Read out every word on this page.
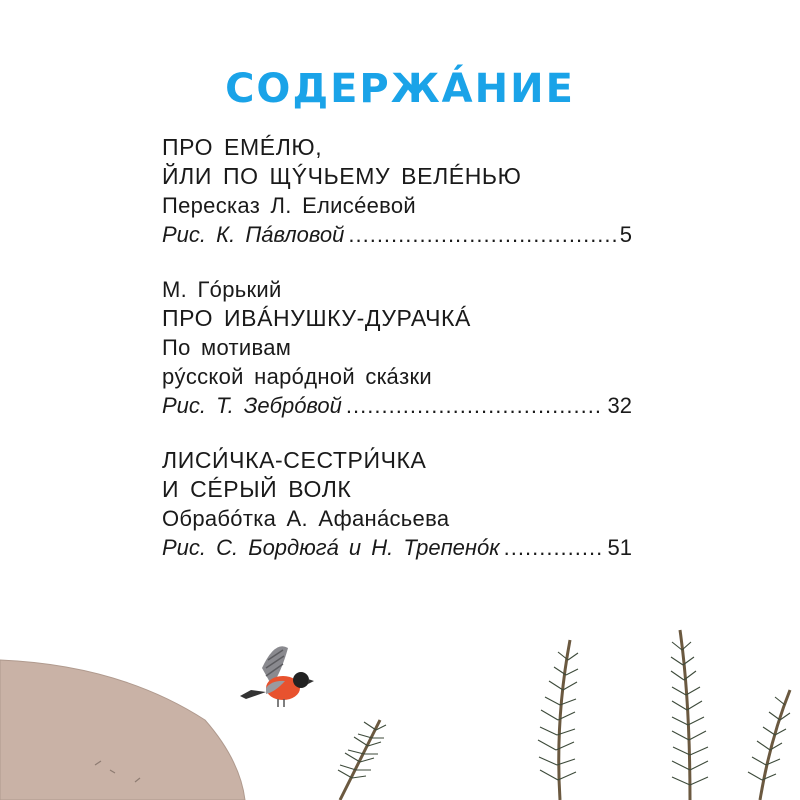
СОДЕРЖÁНИЕ
ПРО ЕМÉЛЮ,
ЙЛИ ПО ЩÝЧЬЕМУ ВЕЛÉНЬЮ
Пересказ Л. Елисéевой
Рис. К. Пáвловой .....	5
М. Гóрький
ПРО ИВÁНУШКУ-ДУРАЧКÁ
По мотивам
рýсской нарóдной скáзки
Рис. Т. Зебрóвой .....	32
ЛИСИ́ЧКА-СЕСТРИ́ЧКА
И СÉРЫЙ ВОЛК
Обрабóтка А. Афанáсьева
Рис. С. Бордюгá и Н. Трепенóк .....	51
